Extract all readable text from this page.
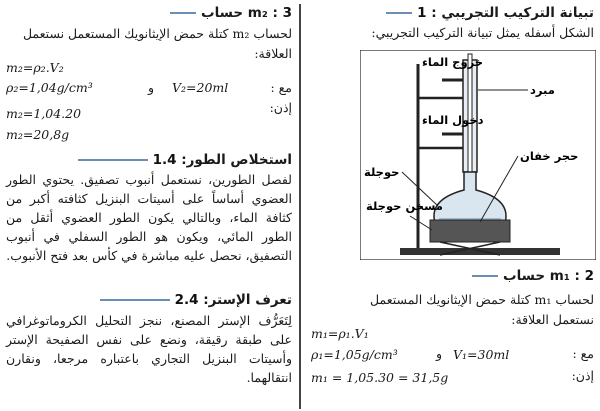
تبيانة التركيب التجريبي : 1
الشكل أسفله يمثل تبيانة التركيب التجريبي:
حساب m₁ : 2
لحساب m₁ كتلة حمض الإيثانويك المستعمل
نستعمل العلاقة:
m₁=ρ₁.V₁
مع :
ρ₁=1,05g/cm³	و V₁=30ml
إذن:
m₁ = 1,05.30 = 31,5g
خروج الماء
دخول الماء
مبرد
حجر خفان
حوجلة
مسخن حوجلة
حساب m₂ : 3
لحساب m₂ كتلة حمض الإيثانويك المستعمل نستعمل
العلاقة:
m₂=ρ₂.V₂
مع :
ρ₂=1,04g/cm³	و V₂=20ml
إذن:
m₂=1,04.20
m₂=20,8g
استخلاص الطور: 1.4
لفصل الطورين، نستعمل أنبوب تصفيق. يحتوي الطور العضوي أساساً على أسيتات البنزيل كثافته أكبر من كثافة الماء، وبالتالي يكون الطور العضوي أثقل من الطور المائي، ويكون هو الطور السفلي في أنبوب التصفيق، نحصل عليه مباشرة في كأس بعد فتح الأنبوب.
تعرف الإستر: 2.4
لِتَعَرُّف الإستر المصنع، ننجز التحليل الكروماتوغرافي على طبقة رقيقة، ونضع على نفس الصفيحة الإستر وأسيتات البنزيل التجاري باعتباره مرجعا، ونقارن انتقالهما.
